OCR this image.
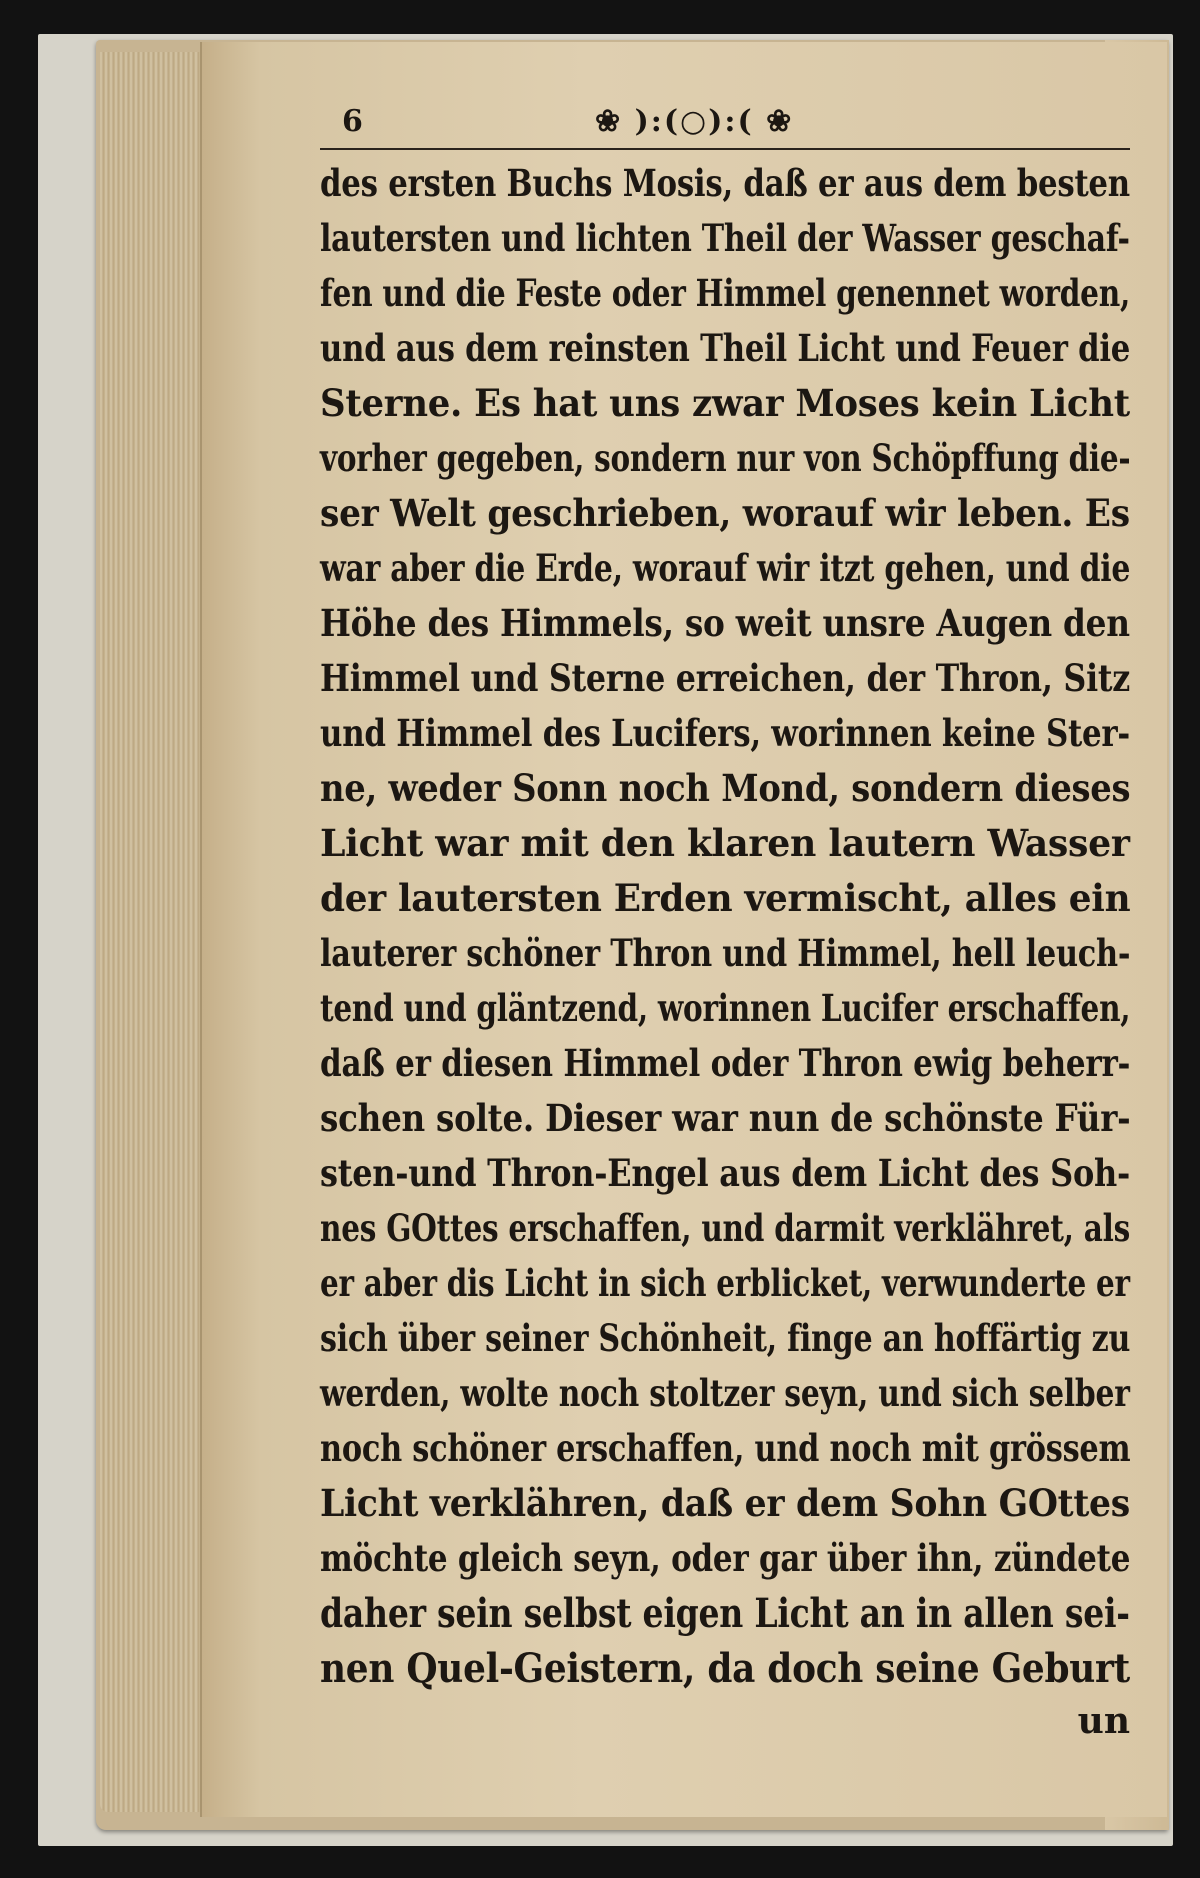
6	❀ ):(○):( ❀
des ersten Buchs Mosis, daß er aus dem besten
lautersten und lichten Theil der Wasser geschaf-
fen und die Feste oder Himmel genennet worden,
und aus dem reinsten Theil Licht und Feuer die
Sterne. Es hat uns zwar Moses kein Licht
vorher gegeben, sondern nur von Schöpffung die-
ser Welt geschrieben, worauf wir leben. Es
war aber die Erde, worauf wir itzt gehen, und die
Höhe des Himmels, so weit unsre Augen den
Himmel und Sterne erreichen, der Thron, Sitz
und Himmel des Lucifers, worinnen keine Ster-
ne, weder Sonn noch Mond, sondern dieses
Licht war mit den klaren lautern Wasser
der lautersten Erden vermischt, alles ein
lauterer schöner Thron und Himmel, hell leuch-
tend und gläntzend, worinnen Lucifer erschaffen,
daß er diesen Himmel oder Thron ewig beherr-
schen solte. Dieser war nun de schönste Für-
sten-und Thron-Engel aus dem Licht des Soh-
nes GOttes erschaffen, und darmit verklähret, als
er aber dis Licht in sich erblicket, verwunderte er
sich über seiner Schönheit, finge an hoffärtig zu
werden, wolte noch stoltzer seyn, und sich selber
noch schöner erschaffen, und noch mit grössem
Licht verklähren, daß er dem Sohn GOttes
möchte gleich seyn, oder gar über ihn, zündete
daher sein selbst eigen Licht an in allen sei-
nen Quel-Geistern, da doch seine Geburt
un
